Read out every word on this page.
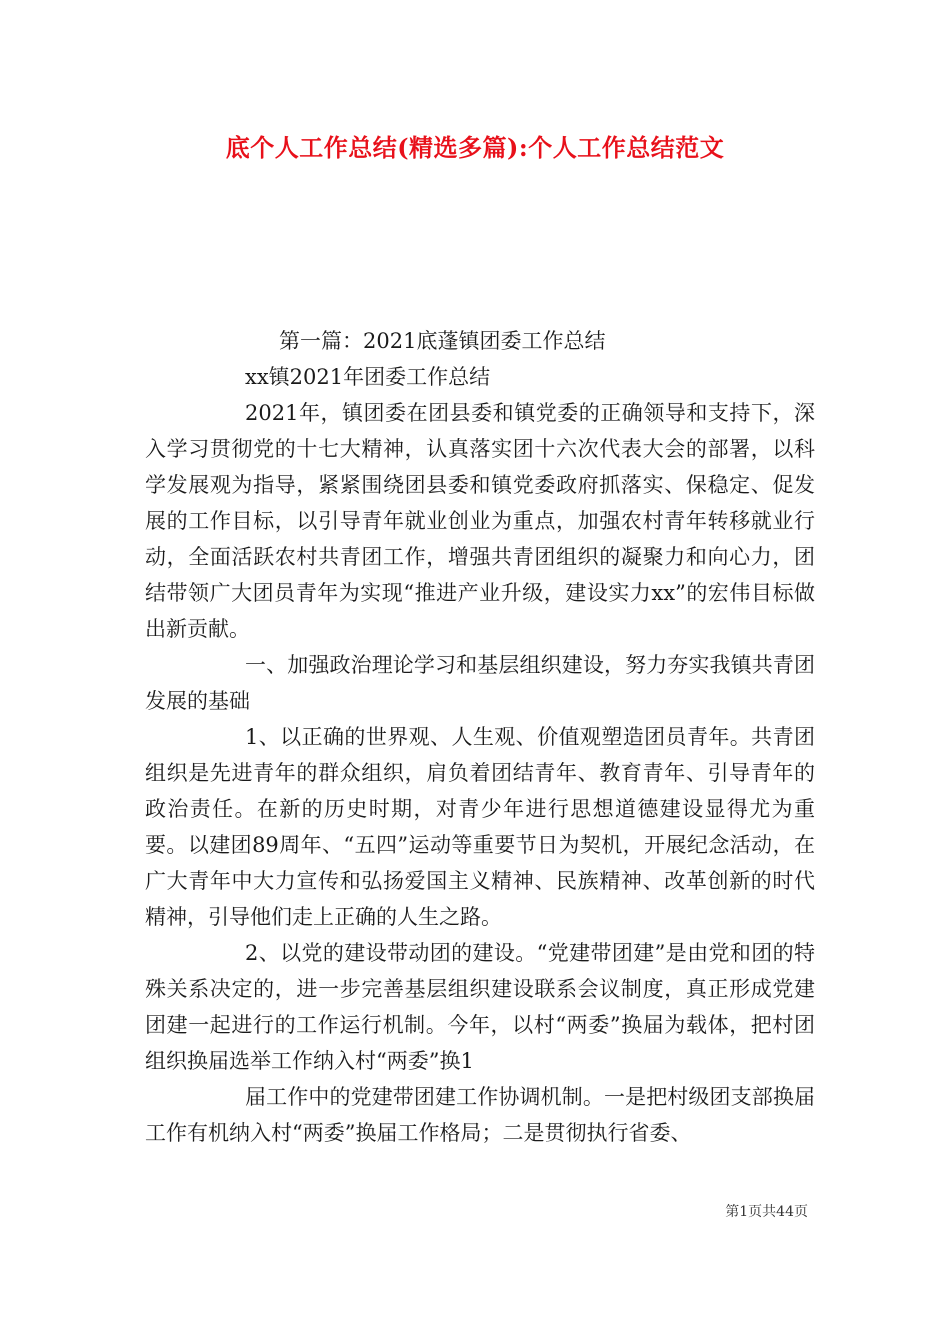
底个人工作总结(精选多篇):个人工作总结范文

第一篇：2021底蓬镇团委工作总结

xx镇2021年团委工作总结

2021年，镇团委在团县委和镇党委的正确领导和支持下，深入学习贯彻党的十七大精神，认真落实团十六次代表大会的部署，以科学发展观为指导，紧紧围绕团县委和镇党委政府抓落实、保稳定、促发展的工作目标，以引导青年就业创业为重点，加强农村青年转移就业行动，全面活跃农村共青团工作，增强共青团组织的凝聚力和向心力，团结带领广大团员青年为实现“推进产业升级，建设实力xx”的宏伟目标做出新贡献。

一、加强政治理论学习和基层组织建设，努力夯实我镇共青团发展的基础

1、以正确的世界观、人生观、价值观塑造团员青年。共青团组织是先进青年的群众组织，肩负着团结青年、教育青年、引导青年的政治责任。在新的历史时期，对青少年进行思想道德建设显得尤为重要。以建团89周年、“五四”运动等重要节日为契机，开展纪念活动，在广大青年中大力宣传和弘扬爱国主义精神、民族精神、改革创新的时代精神，引导他们走上正确的人生之路。

2、以党的建设带动团的建设。“党建带团建”是由党和团的特殊关系决定的，进一步完善基层组织建设联系会议制度，真正形成党建团建一起进行的工作运行机制。今年，以村“两委”换届为载体，把村团组织换届选举工作纳入村“两委”换1

届工作中的党建带团建工作协调机制。一是把村级团支部换届工作有机纳入村“两委”换届工作格局；二是贯彻执行省委、

第1页共44页
